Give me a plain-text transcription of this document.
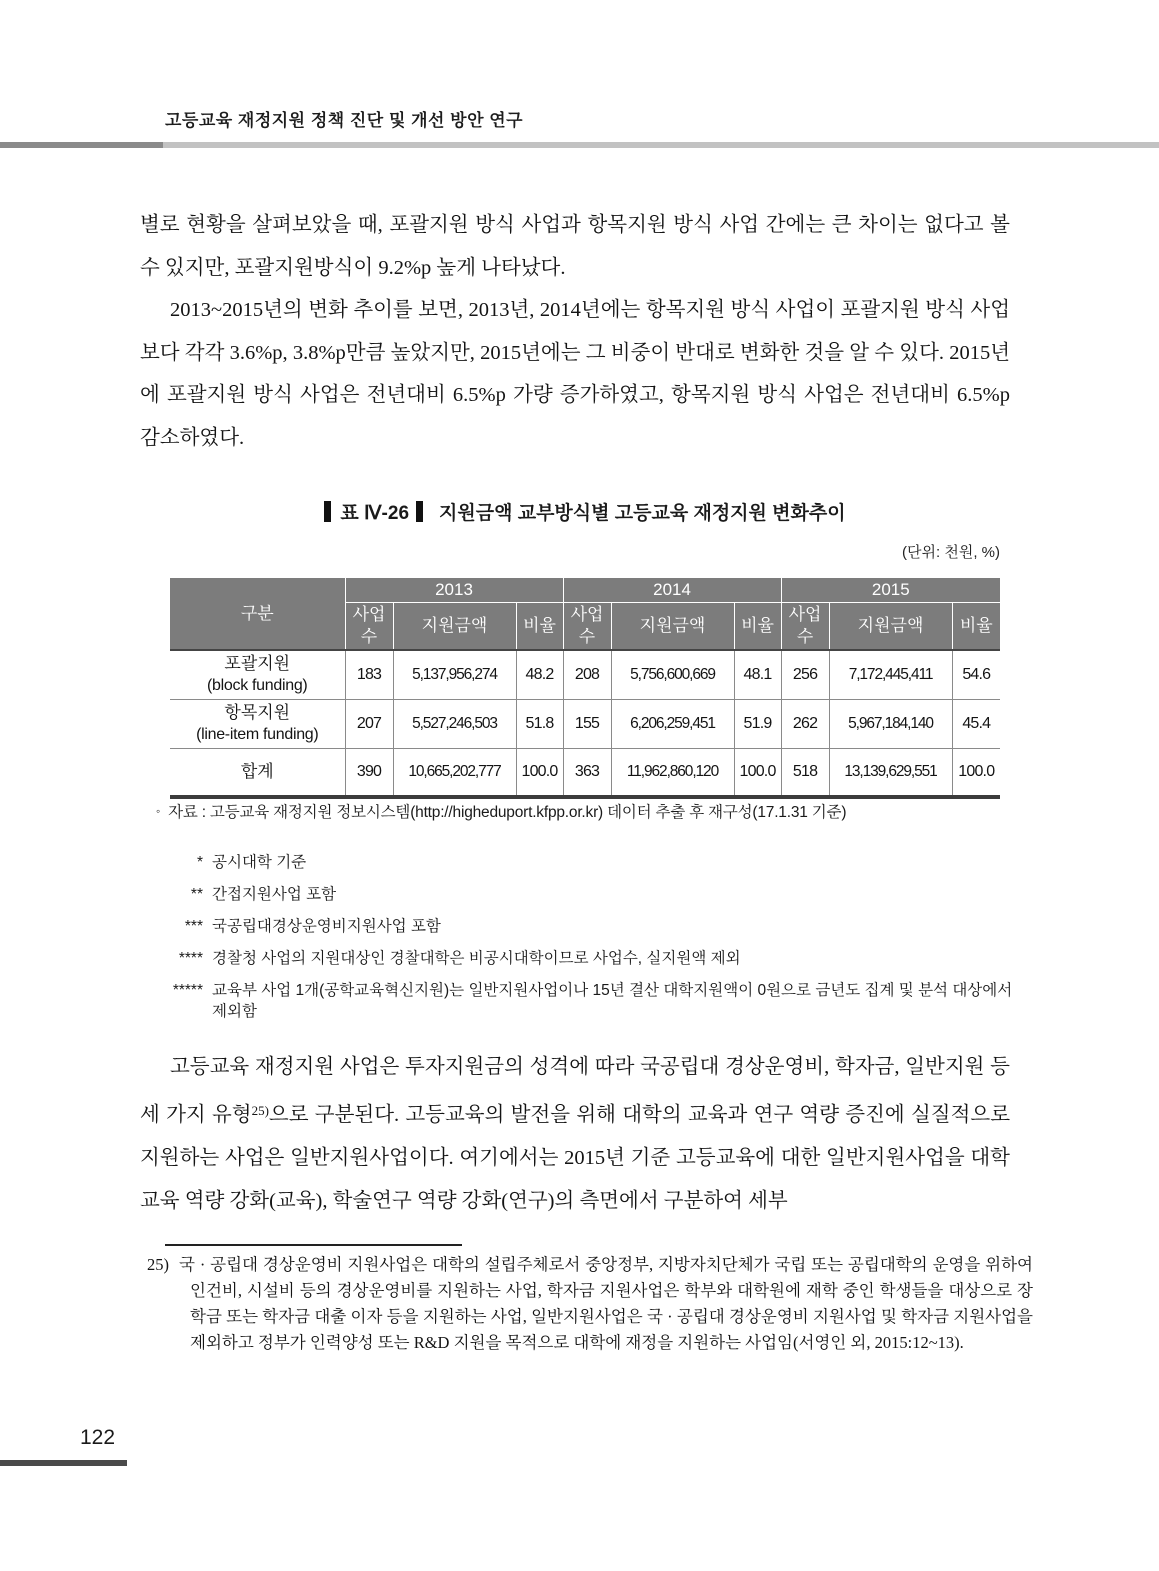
고등교육 재정지원 정책 진단 및 개선 방안 연구

별로 현황을 살펴보았을 때, 포괄지원 방식 사업과 항목지원 방식 사업 간에는 큰 차이는 없다고 볼 수 있지만, 포괄지원방식이 9.2%p 높게 나타났다.

2013~2015년의 변화 추이를 보면, 2013년, 2014년에는 항목지원 방식 사업이 포괄지원 방식 사업보다 각각 3.6%p, 3.8%p만큼 높았지만, 2015년에는 그 비중이 반대로 변화한 것을 알 수 있다. 2015년에 포괄지원 방식 사업은 전년대비 6.5%p 가량 증가하였고, 항목지원 방식 사업은 전년대비 6.5%p 감소하였다.

표 Ⅳ-26 지원금액 교부방식별 고등교육 재정지원 변화추이
(단위: 천원, %)
구분	2013			2014			2015		
	사업수	지원금액	비율	사업수	지원금액	비율	사업수	지원금액	비율
포괄지원
(block funding)	183	5,137,956,274	48.2	208	5,756,600,669	48.1	256	7,172,445,411	54.6
항목지원
(line-item funding)	207	5,527,246,503	51.8	155	6,206,259,451	51.9	262	5,967,184,140	45.4
합계	390	10,665,202,777	100.0	363	11,962,860,120	100.0	518	13,139,629,551	100.0
◦ 자료 : 고등교육 재정지원 정보시스템(http://higheduport.kfpp.or.kr) 데이터 추출 후 재구성(17.1.31 기준)
* 공시대학 기준
** 간접지원사업 포함
*** 국공립대경상운영비지원사업 포함
**** 경찰청 사업의 지원대상인 경찰대학은 비공시대학이므로 사업수, 실지원액 제외
***** 교육부 사업 1개(공학교육혁신지원)는 일반지원사업이나 15년 결산 대학지원액이 0원으로 금년도 집계 및 분석 대상에서 제외함

고등교육 재정지원 사업은 투자지원금의 성격에 따라 국공립대 경상운영비, 학자금, 일반지원 등 세 가지 유형$^{25)}$으로 구분된다. 고등교육의 발전을 위해 대학의 교육과 연구 역량 증진에 실질적으로 지원하는 사업은 일반지원사업이다. 여기에서는 2015년 기준 고등교육에 대한 일반지원사업을 대학교육 역량 강화(교육), 학술연구 역량 강화(연구)의 측면에서 구분하여 세부

25) 국 · 공립대 경상운영비 지원사업은 대학의 설립주체로서 중앙정부, 지방자치단체가 국립 또는 공립대학의 운영을 위하여 인건비, 시설비 등의 경상운영비를 지원하는 사업, 학자금 지원사업은 학부와 대학원에 재학 중인 학생들을 대상으로 장학금 또는 학자금 대출 이자 등을 지원하는 사업, 일반지원사업은 국 · 공립대 경상운영비 지원사업 및 학자금 지원사업을 제외하고 정부가 인력양성 또는 R&D 지원을 목적으로 대학에 재정을 지원하는 사업임(서영인 외, 2015:12~13).
122
